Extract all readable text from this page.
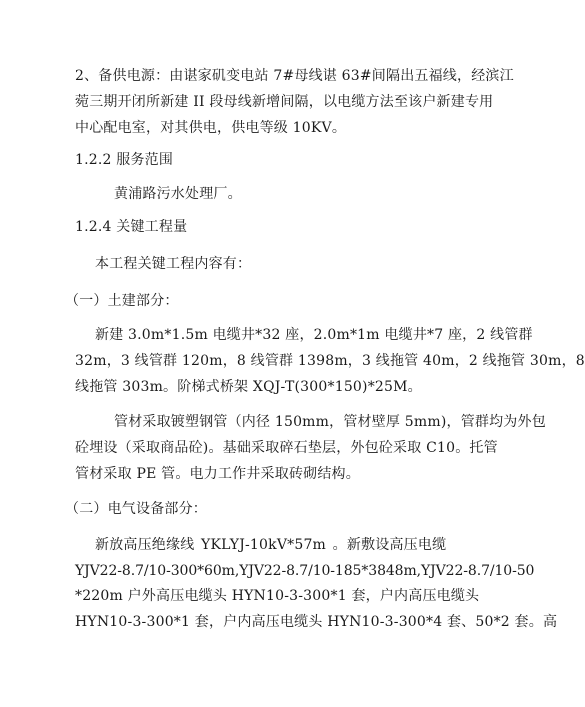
2、备供电源：由谌家矶变电站 7#母线谌 63#间隔出五福线，经滨江
菀三期开闭所新建 II 段母线新增间隔，以电缆方法至该户新建专用
中心配电室，对其供电，供电等级 10KV。
1.2.2 服务范围
黄浦路污水处理厂。
1.2.4 关键工程量
本工程关键工程内容有：
（一）土建部分：
新建 3.0m*1.5m 电缆井*32 座，2.0m*1m 电缆井*7 座，2 线管群
32m，3 线管群 120m，8 线管群 1398m，3 线拖管 40m，2 线拖管 30m，8
线拖管 303m。阶梯式桥架 XQJ-T(300*150)*25M。
管材采取镀塑钢管（内径 150mm，管材壁厚 5mm)，管群均为外包
砼埋设（采取商品砼)。基础采取碎石垫层，外包砼采取 C10。托管
管材采取 PE 管。电力工作井采取砖砌结构。
（二）电气设备部分：
新放高压绝缘线 YKLYJ-10kV*57m 。新敷设高压电缆
YJV22-8.7/10-300*60m,YJV22-8.7/10-185*3848m,YJV22-8.7/10-50
*220m 户外高压电缆头 HYN10-3-300*1 套，户内高压电缆头
HYN10-3-300*1 套，户内高压电缆头 HYN10-3-300*4 套、50*2 套。高
